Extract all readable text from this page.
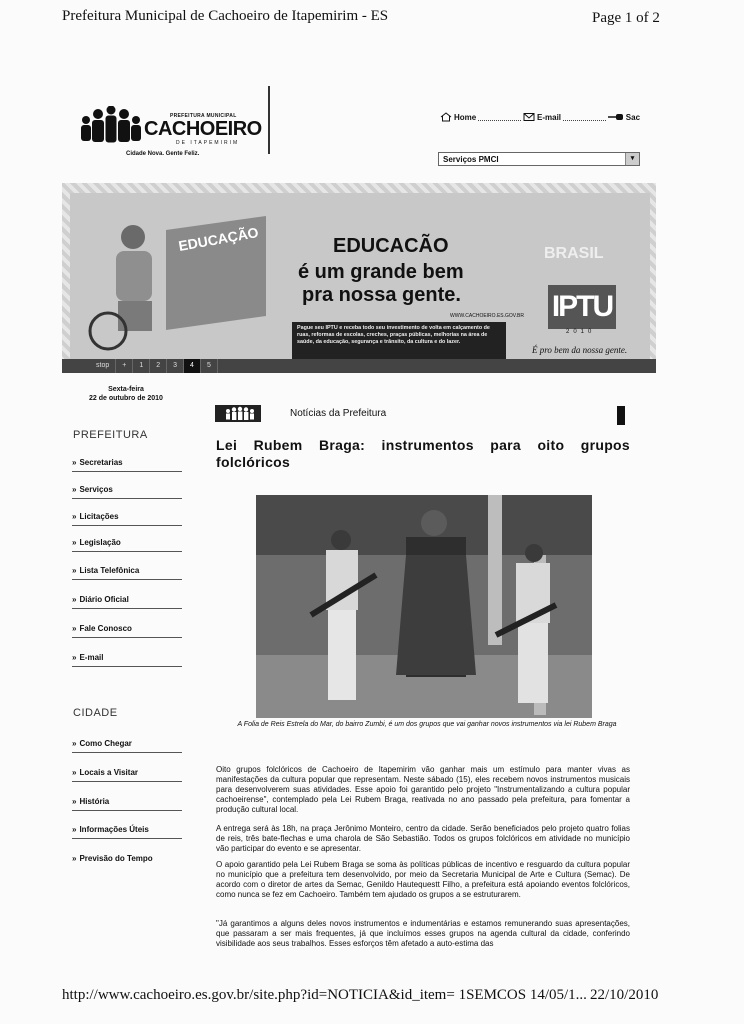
Prefeitura Municipal de Cachoeiro de Itapemirim - ES	Page 1 of 2
PREFEITURA MUNICIPAL
CACHOEIRO
DE ITAPEMIRIM
Cidade Nova. Gente Feliz.
Home	E-mail	Sac
Serviços PMCI	▾
EDUCAÇÃO	EDUCACÃO
é um grande bem
pra nossa gente.
WWW.CACHOEIRO.ES.GOV.BR
Pague seu IPTU e receba todo seu investimento de volta em calçamento de ruas, reformas de escolas, creches, praças públicas, melhorias na área de saúde, da educação, segurança e trânsito, da cultura e do lazer.
BRASIL
IPTU
2010
É pro bem da nossa gente.
stop	+	1	2	3	4	5
Sexta-feira
22 de outubro de 2010
PREFEITURA
» Secretarias
» Serviços
» Licitações
» Legislação
» Lista Telefônica
» Diário Oficial
» Fale Conosco
» E-mail
CIDADE
» Como Chegar
» Locais a Visitar
» História
» Informações Úteis
» Previsão do Tempo
Notícias da Prefeitura
Lei Rubem Braga: instrumentos para oito grupos folclóricos
A Folia de Reis Estrela do Mar, do bairro Zumbi, é um dos grupos que vai ganhar novos instrumentos via lei Rubem Braga
Oito grupos folclóricos de Cachoeiro de Itapemirim vão ganhar mais um estímulo para manter vivas as manifestações da cultura popular que representam. Neste sábado (15), eles recebem novos instrumentos musicais para desenvolverem suas atividades. Esse apoio foi garantido pelo projeto "Instrumentalizando a cultura popular cachoeirense", contemplado pela Lei Rubem Braga, reativada no ano passado pela prefeitura, para fomentar a produção cultural local.
A entrega será às 18h, na praça Jerônimo Monteiro, centro da cidade. Serão beneficiados pelo projeto quatro folias de reis, três bate-flechas e uma charola de São Sebastião. Todos os grupos folclóricos em atividade no município vão participar do evento e se apresentar.
O apoio garantido pela Lei Rubem Braga se soma às políticas públicas de incentivo e resguardo da cultura popular no município que a prefeitura tem desenvolvido, por meio da Secretaria Municipal de Arte e Cultura (Semac). De acordo com o diretor de artes da Semac, Genildo Hautequestt Filho, a prefeitura está apoiando eventos folclóricos, como nunca se fez em Cachoeiro. Também tem ajudado os grupos a se estruturarem.
"Já garantimos a alguns deles novos instrumentos e indumentárias e estamos remunerando suas apresentações, que passaram a ser mais frequentes, já que incluímos esses grupos na agenda cultural da cidade, conferindo visibilidade aos seus trabalhos. Esses esforços têm afetado a auto-estima das
http://www.cachoeiro.es.gov.br/site.php?id=NOTICIA&id_item= 1SEMCOS 14/05/1... 22/10/2010
